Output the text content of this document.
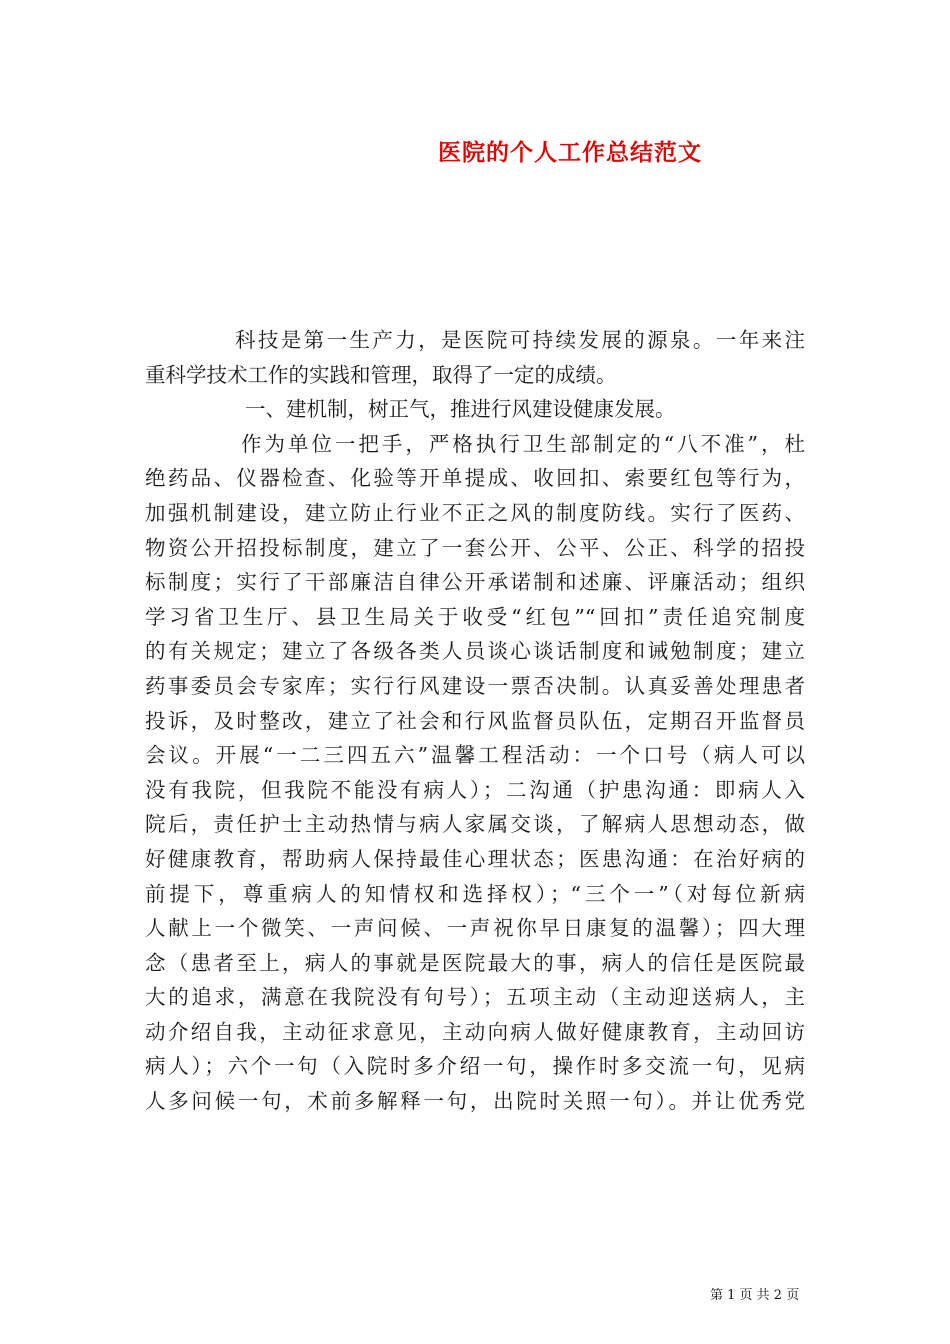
医院的个人工作总结范文
科技是第一生产力，是医院可持续发展的源泉。一年来注
重科学技术工作的实践和管理，取得了一定的成绩。
一、建机制，树正气，推进行风建设健康发展。
作为单位一把手，严格执行卫生部制定的“八不准”，杜
绝药品、仪器检查、化验等开单提成、收回扣、索要红包等行为，
加强机制建设，建立防止行业不正之风的制度防线。实行了医药、
物资公开招投标制度，建立了一套公开、公平、公正、科学的招投
标制度；实行了干部廉洁自律公开承诺制和述廉、评廉活动；组织
学习省卫生厅、县卫生局关于收受“红包”“回扣”责任追究制度
的有关规定；建立了各级各类人员谈心谈话制度和诫勉制度；建立
药事委员会专家库；实行行风建设一票否决制。认真妥善处理患者
投诉，及时整改，建立了社会和行风监督员队伍，定期召开监督员
会议。开展“一二三四五六”温馨工程活动：一个口号（病人可以
没有我院，但我院不能没有病人）；二沟通（护患沟通：即病人入
院后，责任护士主动热情与病人家属交谈，了解病人思想动态，做
好健康教育，帮助病人保持最佳心理状态；医患沟通：在治好病的
前提下，尊重病人的知情权和选择权）；“三个一”（对每位新病
人献上一个微笑、一声问候、一声祝你早日康复的温馨）；四大理
念（患者至上，病人的事就是医院最大的事，病人的信任是医院最
大的追求，满意在我院没有句号）；五项主动（主动迎送病人，主
动介绍自我，主动征求意见，主动向病人做好健康教育，主动回访
病人）；六个一句（入院时多介绍一句，操作时多交流一句，见病
人多问候一句，术前多解释一句，出院时关照一句）。并让优秀党
第 1 页 共 2 页
